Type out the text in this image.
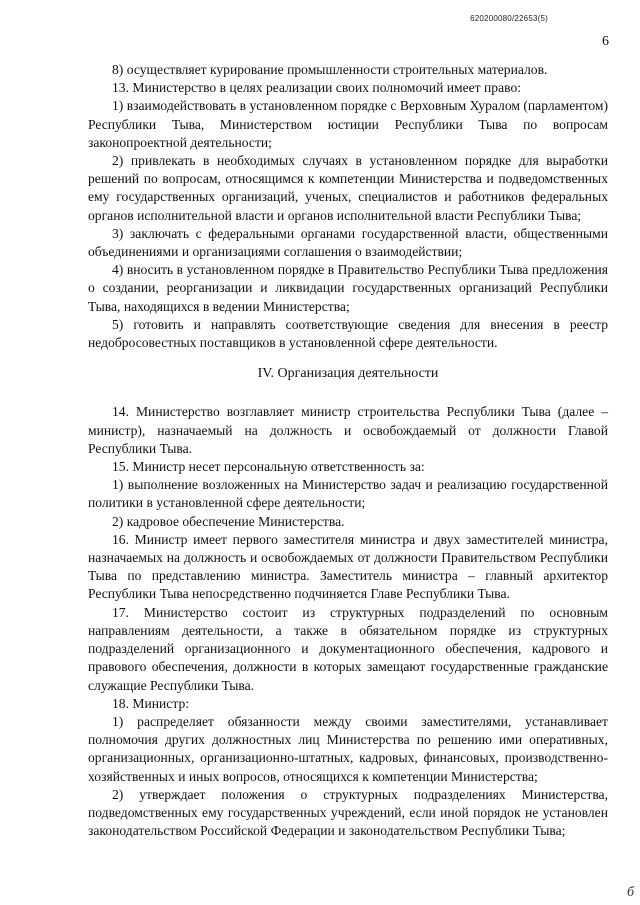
620200080/22653(5)
6

8) осуществляет курирование промышленности строительных материалов.

13. Министерство в целях реализации своих полномочий имеет право:

1) взаимодействовать в установленном порядке с Верховным Хуралом (парламентом) Республики Тыва, Министерством юстиции Республики Тыва по вопросам законопроектной деятельности;

2) привлекать в необходимых случаях в установленном порядке для выработки решений по вопросам, относящимся к компетенции Министерства и подведомственных ему государственных организаций, ученых, специалистов и работников федеральных органов исполнительной власти и органов исполнительной власти Республики Тыва;

3) заключать с федеральными органами государственной власти, общественными объединениями и организациями соглашения о взаимодействии;

4) вносить в установленном порядке в Правительство Республики Тыва предложения о создании, реорганизации и ликвидации государственных организаций Республики Тыва, находящихся в ведении Министерства;

5) готовить и направлять соответствующие сведения для внесения в реестр недобросовестных поставщиков в установленной сфере деятельности.

IV. Организация деятельности

14. Министерство возглавляет министр строительства Республики Тыва (далее – министр), назначаемый на должность и освобождаемый от должности Главой Республики Тыва.

15. Министр несет персональную ответственность за:

1) выполнение возложенных на Министерство задач и реализацию государственной политики в установленной сфере деятельности;

2) кадровое обеспечение Министерства.

16. Министр имеет первого заместителя министра и двух заместителей министра, назначаемых на должность и освобождаемых от должности Правительством Республики Тыва по представлению министра. Заместитель министра – главный архитектор Республики Тыва непосредственно подчиняется Главе Республики Тыва.

17. Министерство состоит из структурных подразделений по основным направлениям деятельности, а также в обязательном порядке из структурных подразделений организационного и документационного обеспечения, кадрового и правового обеспечения, должности в которых замещают государственные гражданские служащие Республики Тыва.

18. Министр:

1) распределяет обязанности между своими заместителями, устанавливает полномочия других должностных лиц Министерства по решению ими оперативных, организационных, организационно-штатных, кадровых, финансовых, производственно-хозяйственных и иных вопросов, относящихся к компетенции Министерства;

2) утверждает положения о структурных подразделениях Министерства, подведомственных ему государственных учреждений, если иной порядок не установлен законодательством Российской Федерации и законодательством Республики Тыва;

б
